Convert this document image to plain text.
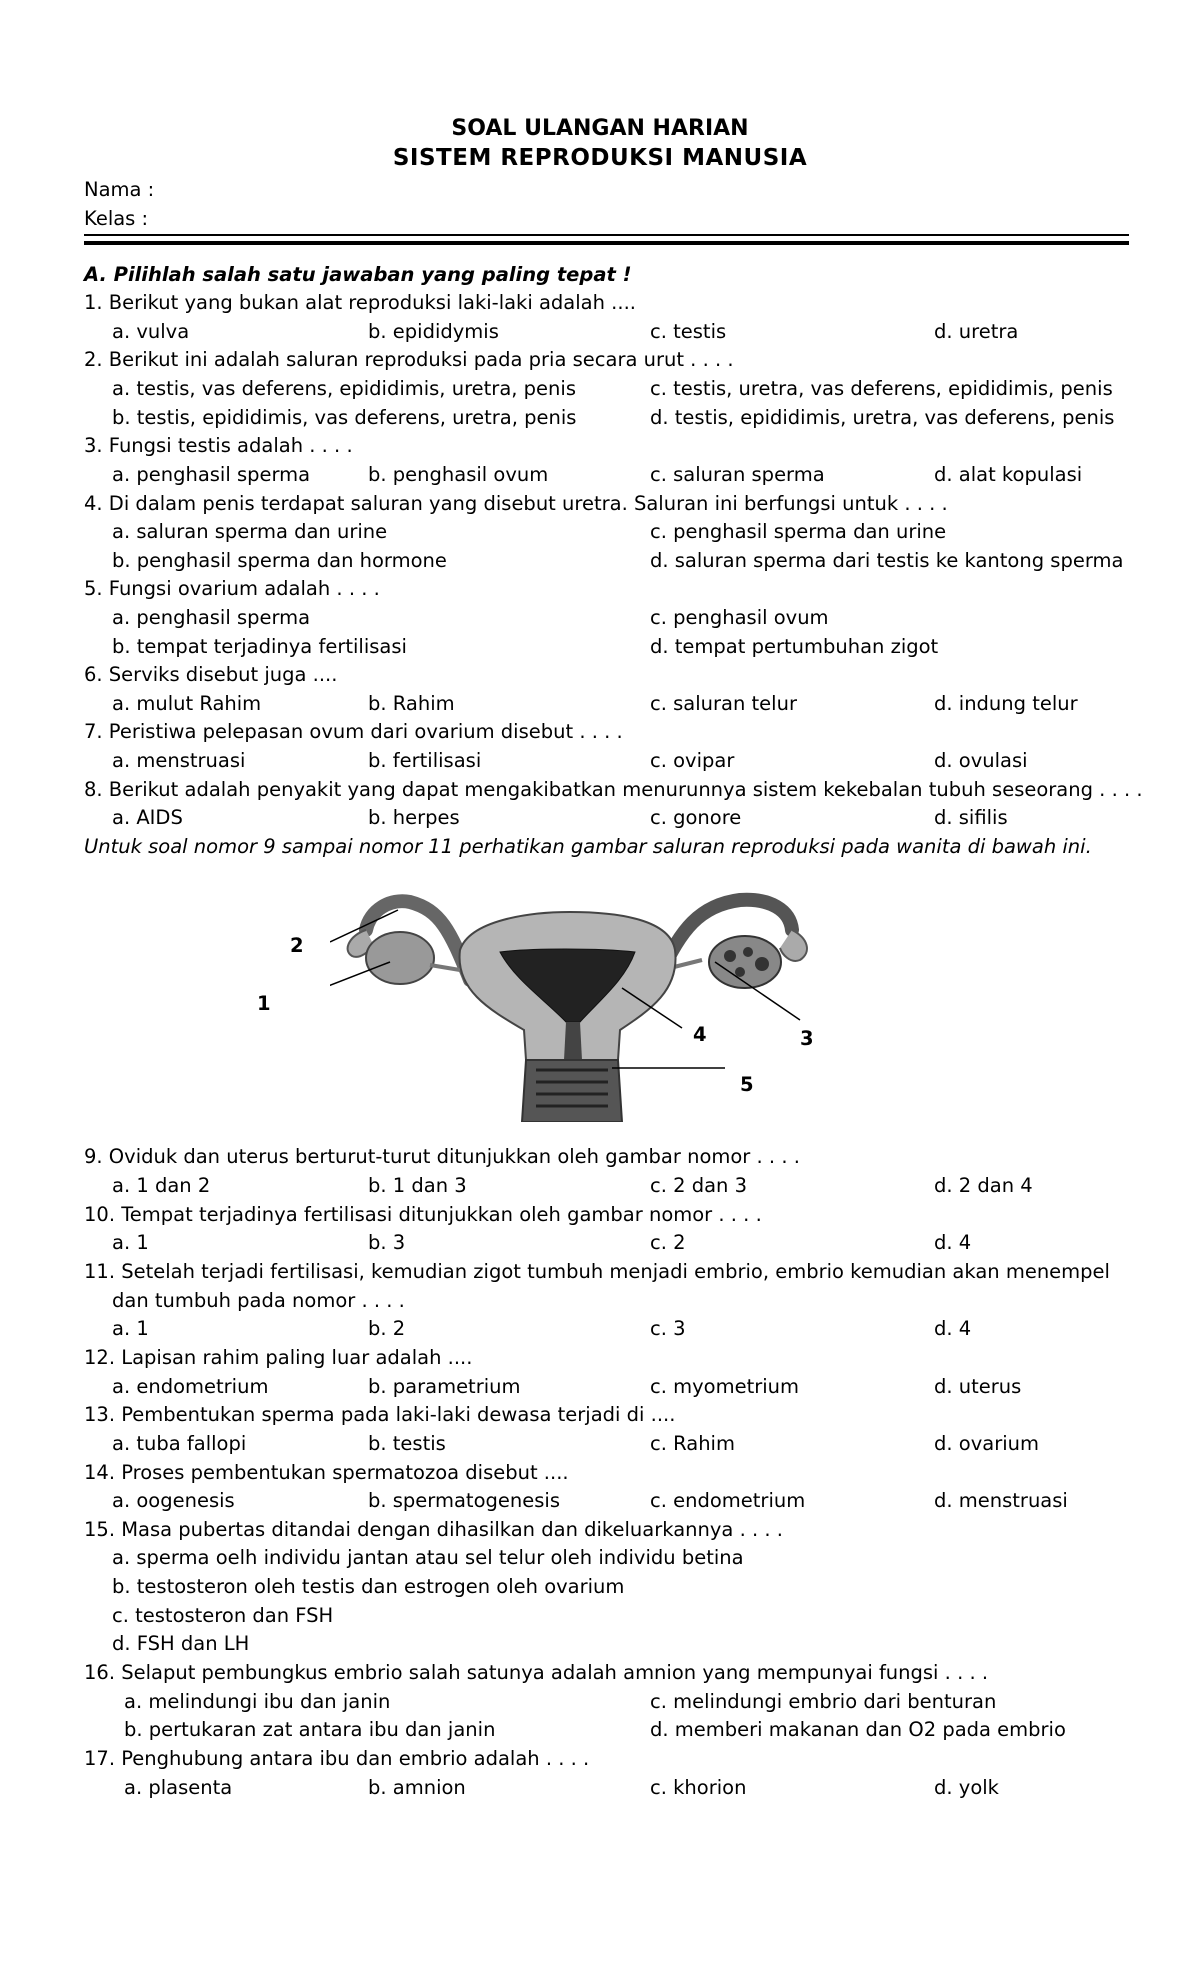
SOAL ULANGAN HARIAN
SISTEM REPRODUKSI MANUSIA
Nama :
Kelas :
A. Pilihlah salah satu jawaban yang paling tepat !
1. Berikut yang bukan alat reproduksi laki-laki adalah ....
a. vulva	b. epididymis	c. testis	d. uretra
2. Berikut ini adalah saluran reproduksi pada pria secara urut . . . .
a. testis, vas deferens, epididimis, uretra, penis	c. testis, uretra, vas deferens, epididimis, penis
b. testis, epididimis, vas deferens, uretra, penis	d. testis, epididimis, uretra, vas deferens, penis
3. Fungsi testis adalah . . . .
a. penghasil sperma	b. penghasil ovum	c. saluran sperma	d. alat kopulasi
4. Di dalam penis terdapat saluran yang disebut uretra. Saluran ini berfungsi untuk . . . .
a. saluran sperma dan urine	c. penghasil sperma dan urine
b. penghasil sperma dan hormone	d. saluran sperma dari testis ke kantong sperma
5. Fungsi ovarium adalah . . . .
a. penghasil sperma	c. penghasil ovum
b. tempat terjadinya fertilisasi	d. tempat pertumbuhan zigot
6. Serviks disebut juga ....
a. mulut Rahim	b. Rahim	c. saluran telur	d. indung telur
7. Peristiwa pelepasan ovum dari ovarium disebut . . . .
a. menstruasi	b. fertilisasi	c. ovipar	d. ovulasi
8. Berikut adalah penyakit yang dapat mengakibatkan menurunnya sistem kekebalan tubuh seseorang . . . .
a. AIDS	b. herpes	c. gonore	d. sifilis
Untuk soal nomor 9 sampai nomor 11 perhatikan gambar saluran reproduksi pada wanita di bawah ini.
2
1
4	3
5
9. Oviduk dan uterus berturut-turut ditunjukkan oleh gambar nomor . . . .
a. 1 dan 2	b. 1 dan 3	c. 2 dan 3	d. 2 dan 4
10. Tempat terjadinya fertilisasi ditunjukkan oleh gambar nomor . . . .
a. 1	b. 3	c. 2	d. 4
11. Setelah terjadi fertilisasi, kemudian zigot tumbuh menjadi embrio, embrio kemudian akan menempel
dan tumbuh pada nomor . . . .
a. 1	b. 2	c. 3	d. 4
12. Lapisan rahim paling luar adalah ....
a. endometrium	b. parametrium	c. myometrium	d. uterus
13. Pembentukan sperma pada laki-laki dewasa terjadi di ....
a. tuba fallopi	b. testis	c. Rahim	d. ovarium
14. Proses pembentukan spermatozoa disebut ....
a. oogenesis	b. spermatogenesis	c. endometrium	d. menstruasi
15. Masa pubertas ditandai dengan dihasilkan dan dikeluarkannya . . . .
a. sperma oelh individu jantan atau sel telur oleh individu betina
b. testosteron oleh testis dan estrogen oleh ovarium
c. testosteron dan FSH
d. FSH dan LH
16. Selaput pembungkus embrio salah satunya adalah amnion yang mempunyai fungsi . . . .
a. melindungi ibu dan janin	c. melindungi embrio dari benturan
b. pertukaran zat antara ibu dan janin	d. memberi makanan dan O2 pada embrio
17. Penghubung antara ibu dan embrio adalah . . . .
a. plasenta	b. amnion	c. khorion	d. yolk
